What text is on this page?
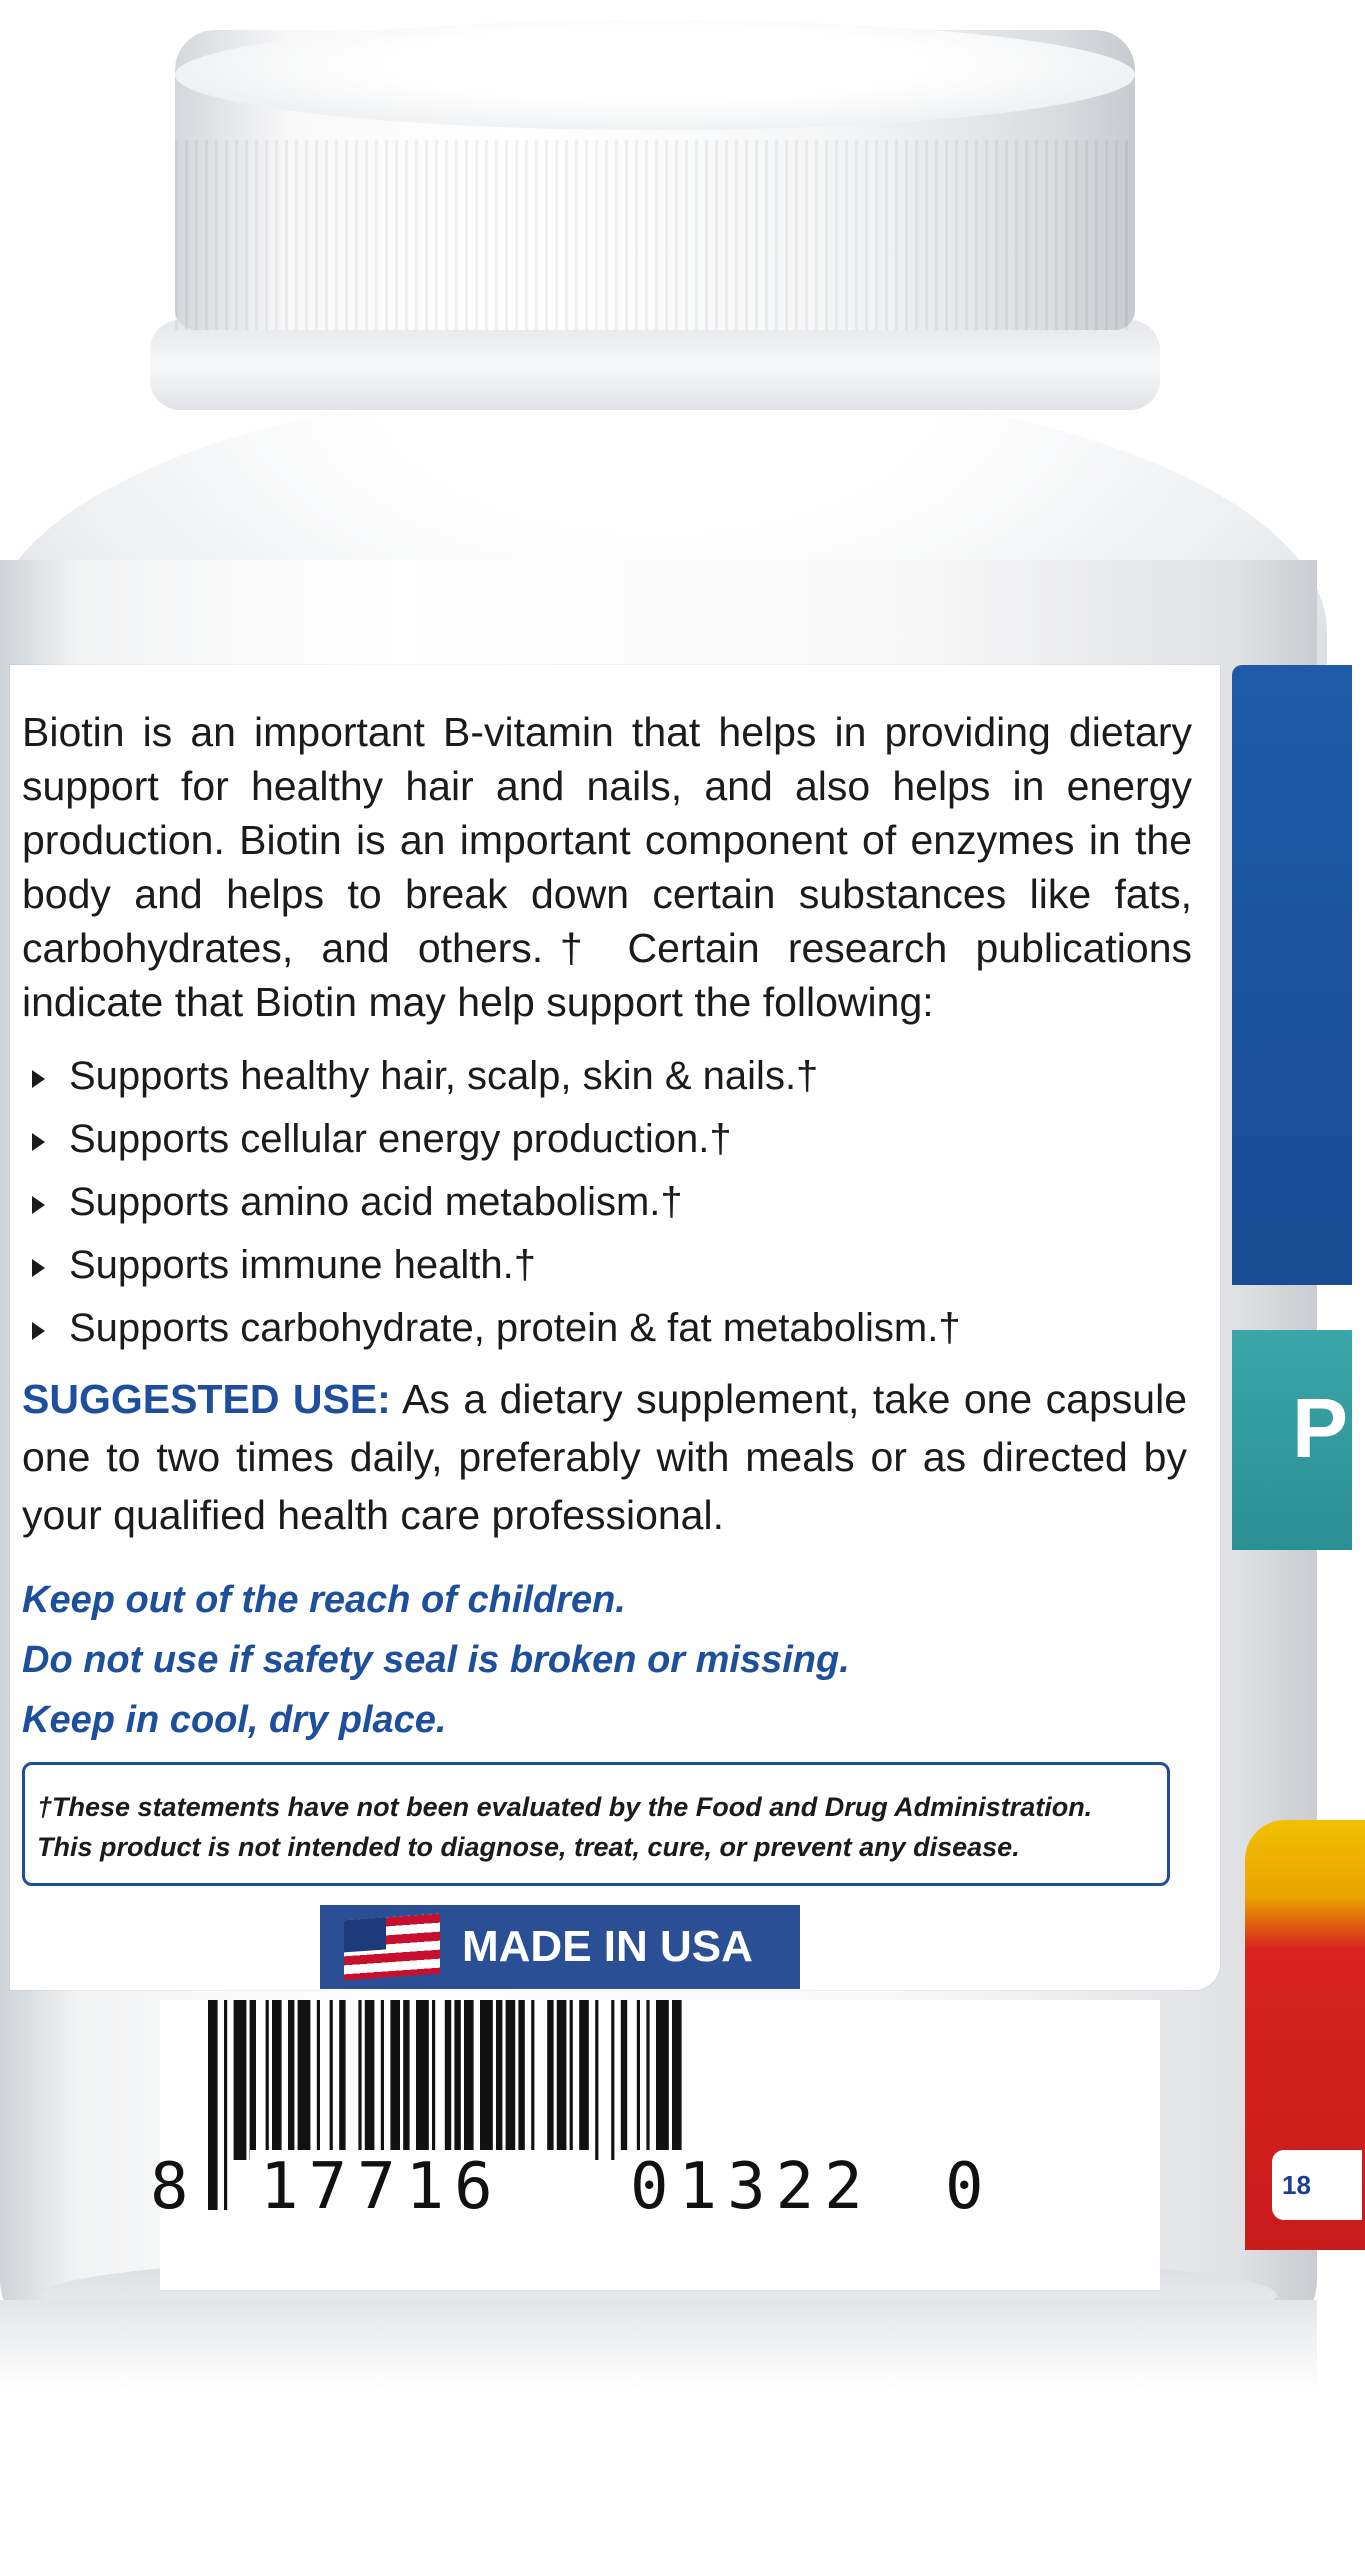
P
18
Biotin is an important B-vitamin that helps in providing dietary support for healthy hair and nails, and also helps in energy production. Biotin is an important component of enzymes in the body and helps to break down certain substances like fats, carbohydrates, and others.† Certain research publications indicate that Biotin may help support the following:
Supports healthy hair, scalp, skin & nails.†
Supports cellular energy production.†
Supports amino acid metabolism.†
Supports immune health.†
Supports carbohydrate, protein & fat metabolism.†
SUGGESTED USE: As a dietary supplement, take one capsule one to two times daily, preferably with meals or as directed by your qualified health care professional.
Keep out of the reach of children.
Do not use if safety seal is broken or missing.
Keep in cool, dry place.
†These statements have not been evaluated by the Food and Drug Administration.
This product is not intended to diagnose, treat, cure, or prevent any disease.
MADE IN USA
8 17716 01322 0
